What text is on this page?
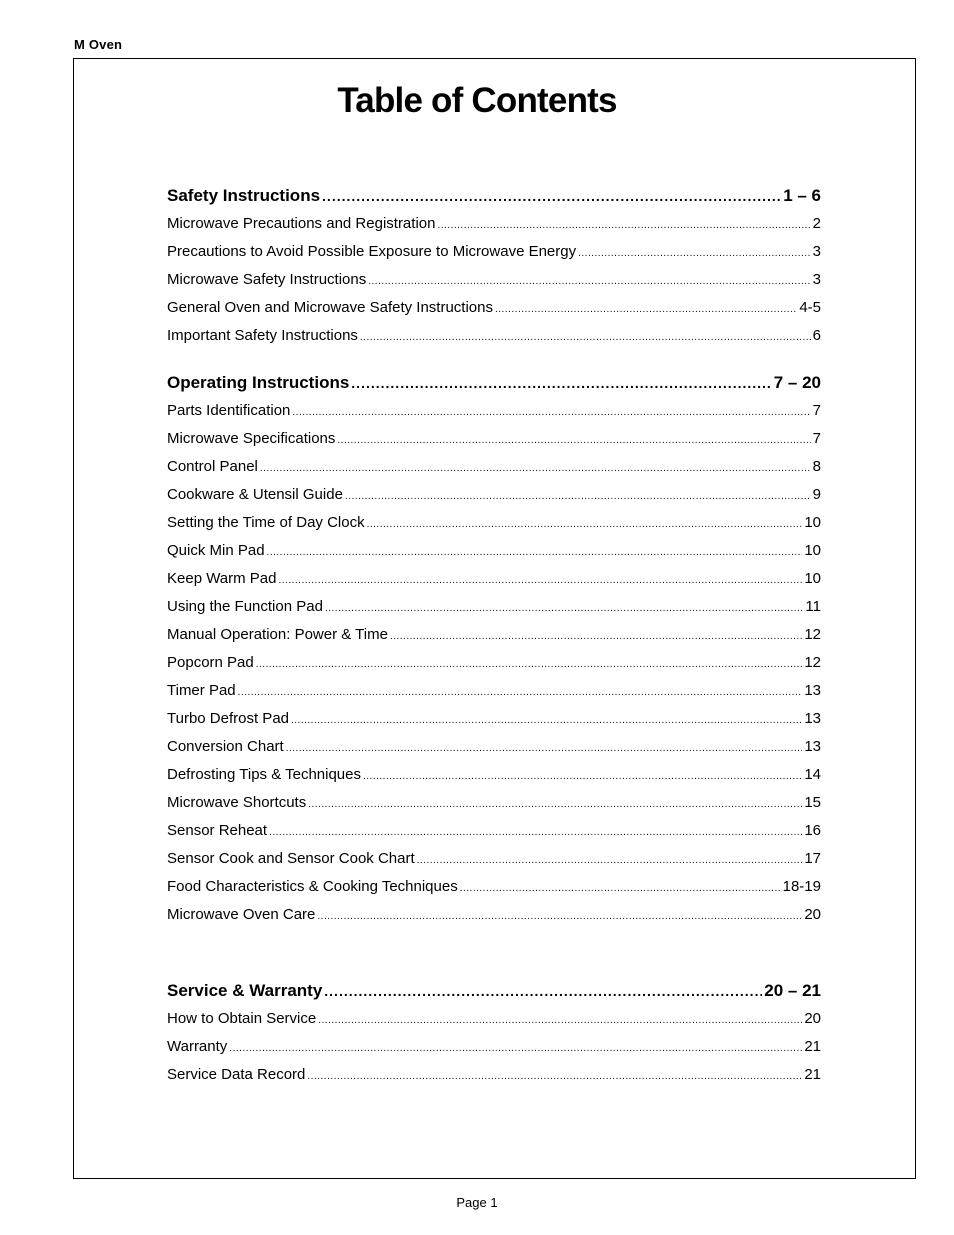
M Oven
Table of Contents
Safety Instructions .....	1 – 6
Microwave Precautions and Registration .....	2
Precautions to Avoid Possible Exposure to Microwave Energy .....	3
Microwave Safety Instructions .....	3
General Oven and Microwave Safety Instructions .....	4-5
Important Safety Instructions .....	6
Operating Instructions .....	7 – 20
Parts Identification .....	7
Microwave Specifications .....	7
Control Panel .....	8
Cookware & Utensil Guide .....	9
Setting the Time of Day Clock .....	10
Quick Min Pad .....	10
Keep Warm Pad .....	10
Using the Function Pad .....	11
Manual Operation: Power & Time .....	12
Popcorn Pad .....	12
Timer Pad .....	13
Turbo Defrost Pad .....	13
Conversion Chart .....	13
Defrosting Tips & Techniques .....	14
Microwave Shortcuts .....	15
Sensor Reheat .....	16
Sensor Cook and Sensor Cook Chart .....	17
Food Characteristics & Cooking Techniques .....	18-19
Microwave Oven Care .....	20
Service & Warranty .....	20 – 21
How to Obtain Service .....	20
Warranty .....	21
Service Data Record .....	21
Page 1
